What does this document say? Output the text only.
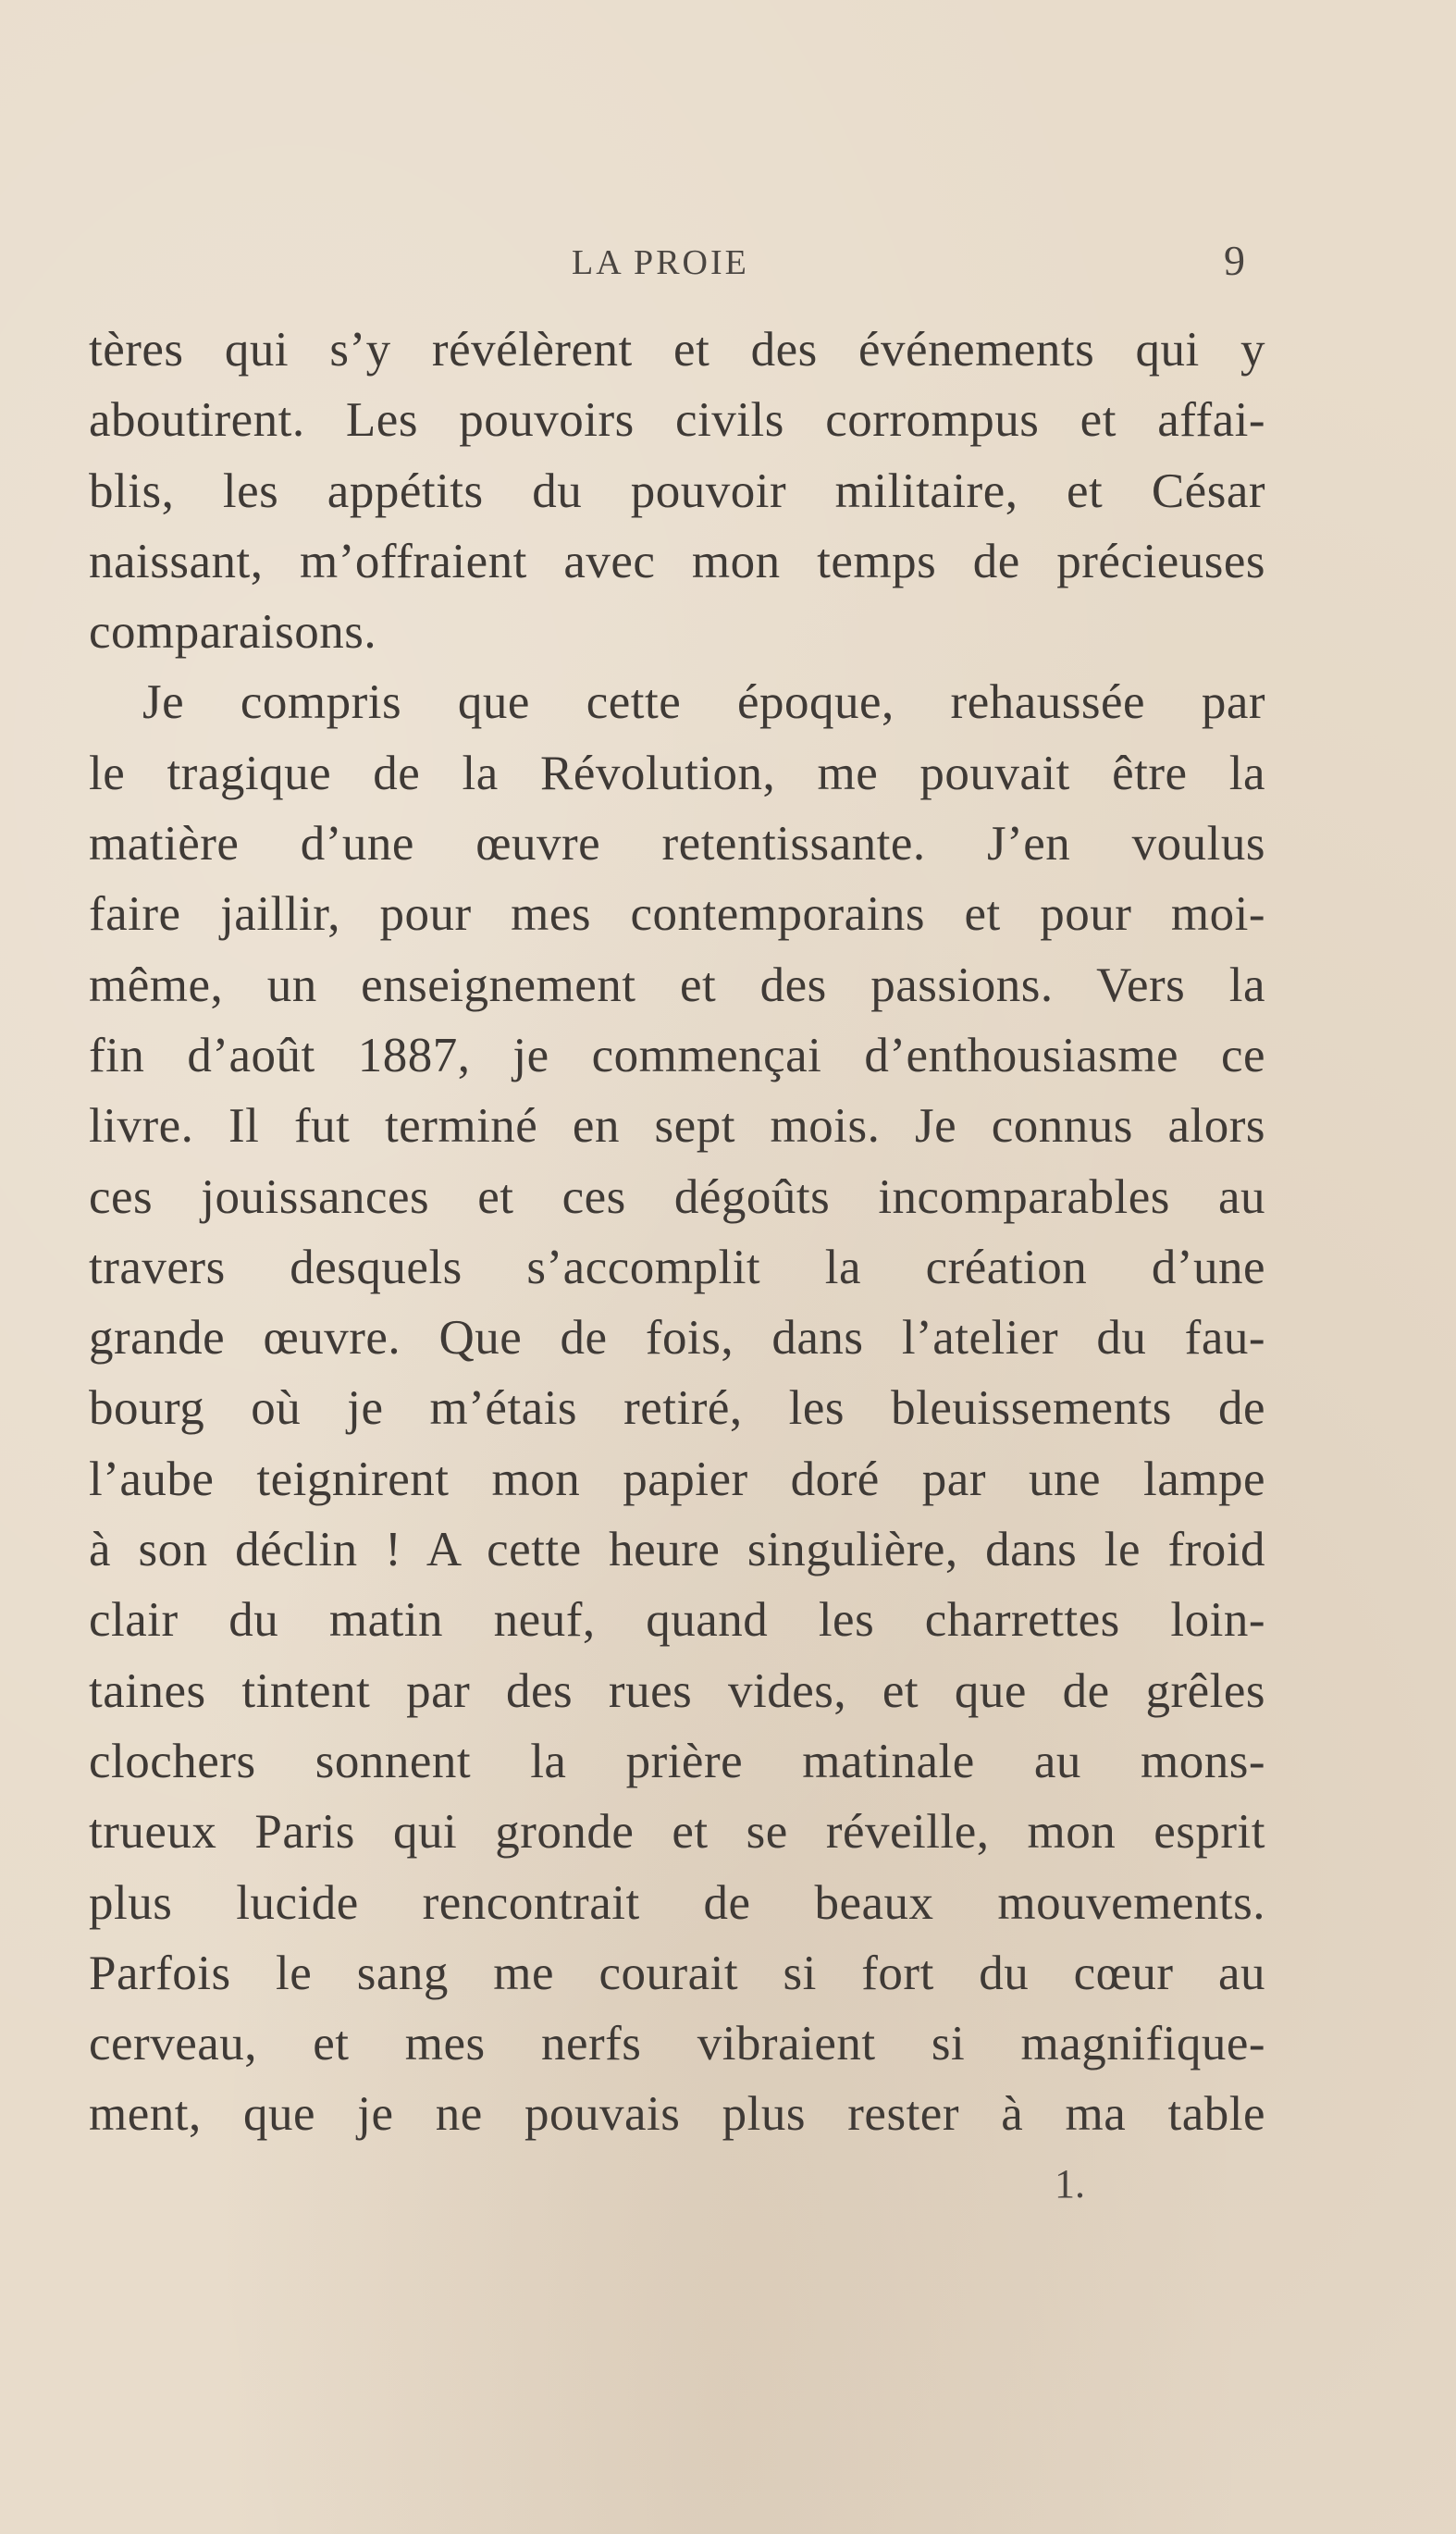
LA PROIE	9
tères qui s’y révélèrent et des événements qui y
aboutirent. Les pouvoirs civils corrompus et affai-
blis, les appétits du pouvoir militaire, et César
naissant, m’offraient avec mon temps de précieuses
comparaisons.
Je compris que cette époque, rehaussée par
le tragique de la Révolution, me pouvait être la
matière d’une œuvre retentissante. J’en voulus
faire jaillir, pour mes contemporains et pour moi-
même, un enseignement et des passions. Vers la
fin d’août 1887, je commençai d’enthousiasme ce
livre. Il fut terminé en sept mois. Je connus alors
ces jouissances et ces dégoûts incomparables au
travers desquels s’accomplit la création d’une
grande œuvre. Que de fois, dans l’atelier du fau-
bourg où je m’étais retiré, les bleuissements de
l’aube teignirent mon papier doré par une lampe
à son déclin ! A cette heure singulière, dans le froid
clair du matin neuf, quand les charrettes loin-
taines tintent par des rues vides, et que de grêles
clochers sonnent la prière matinale au mons-
trueux Paris qui gronde et se réveille, mon esprit
plus lucide rencontrait de beaux mouvements.
Parfois le sang me courait si fort du cœur au
cerveau, et mes nerfs vibraient si magnifique-
ment, que je ne pouvais plus rester à ma table
1.
